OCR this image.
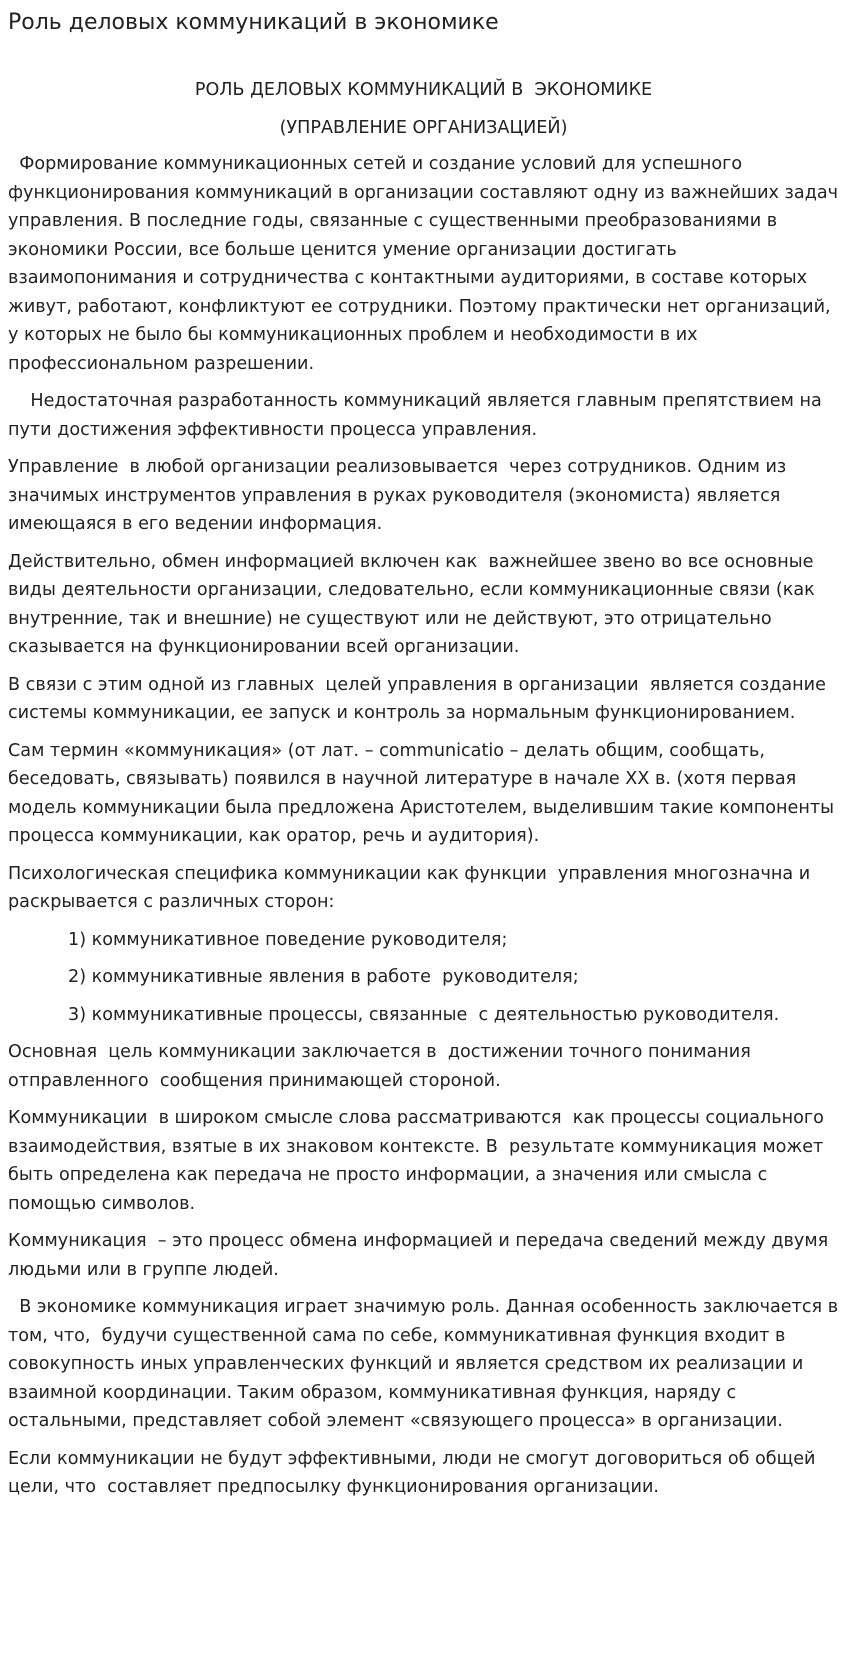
Роль деловых коммуникаций в экономике

РОЛЬ ДЕЛОВЫХ КОММУНИКАЦИЙ В  ЭКОНОМИКЕ

(УПРАВЛЕНИЕ ОРГАНИЗАЦИЕЙ)

Формирование коммуникационных сетей и создание условий для успешного функционирования коммуникаций в организации составляют одну из важнейших задач управления. В последние годы, связанные с существенными преобразованиями в экономики России, все больше ценится умение организации достигать взаимопонимания и сотрудничества с контактными аудиториями, в составе которых живут, работают, конфликтуют ее сотрудники. Поэтому практически нет организаций, у которых не было бы коммуникационных проблем и необходимости в их профессиональном разрешении.

Недостаточная разработанность коммуникаций является главным препятствием на пути достижения эффективности процесса управления.

Управление  в любой организации реализовывается  через сотрудников. Одним из значимых инструментов управления в руках руководителя (экономиста) является имеющаяся в его ведении информация.

Действительно, обмен информацией включен как  важнейшее звено во все основные виды деятельности организации, следовательно, если коммуникационные связи (как внутренние, так и внешние) не существуют или не действуют, это отрицательно сказывается на функционировании всей организации.

В связи с этим одной из главных  целей управления в организации  является создание системы коммуникации, ее запуск и контроль за нормальным функционированием.

Сам термин «коммуникация» (от лат. – communicatio – делать общим, сообщать, беседовать, связывать) появился в научной литературе в начале XX в. (хотя первая модель коммуникации была предложена Аристотелем, выделившим такие компоненты процесса коммуникации, как оратор, речь и аудитория).

Психологическая специфика коммуникации как функции  управления многозначна и раскрывается с различных сторон:

1) коммуникативное поведение руководителя;

2) коммуникативные явления в работе  руководителя;

3) коммуникативные процессы, связанные  с деятельностью руководителя.

Основная  цель коммуникации заключается в  достижении точного понимания отправленного  сообщения принимающей стороной.

Коммуникации  в широком смысле слова рассматриваются  как процессы социального взаимодействия, взятые в их знаковом контексте. В  результате коммуникация может быть определена как передача не просто информации, а значения или смысла с помощью символов.

Коммуникация  – это процесс обмена информацией и передача сведений между двумя людьми или в группе людей.

В экономике коммуникация играет значимую роль. Данная особенность заключается в том, что,  будучи существенной сама по себе, коммуникативная функция входит в совокупность иных управленческих функций и является средством их реализации и взаимной координации. Таким образом, коммуникативная функция, наряду с остальными, представляет собой элемент «связующего процесса» в организации.

Если коммуникации не будут эффективными, люди не смогут договориться об общей цели, что  составляет предпосылку функционирования организации.
